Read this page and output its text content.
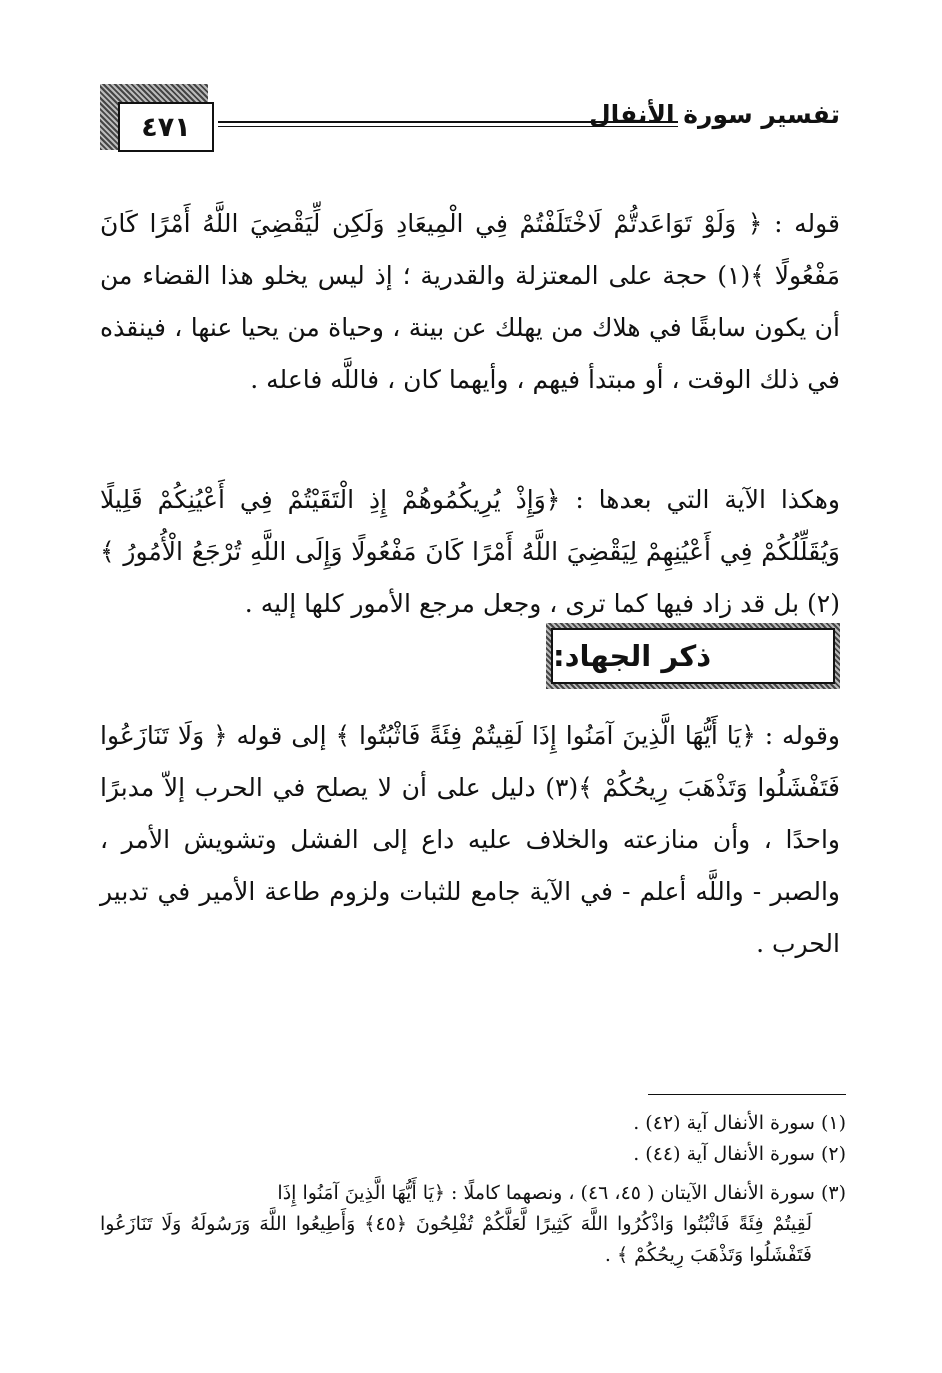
٤٧١	تفسير سورة الأنفال

قوله : ﴿ وَلَوْ تَوَاعَدتُّمْ لَاخْتَلَفْتُمْ فِي الْمِيعَادِ وَلَكِن لِّيَقْضِيَ اللَّهُ أَمْرًا كَانَ مَفْعُولًا ﴾(١) حجة على المعتزلة والقدرية ؛ إذ ليس يخلو هذا القضاء من أن يكون سابقًا في هلاك من يهلك عن بينة ، وحياة من يحيا عنها ، فينقذه في ذلك الوقت ، أو مبتدأ فيهم ، وأيهما كان ، فاللَّه فاعله .

وهكذا الآية التي بعدها : ﴿وَإِذْ يُرِيكُمُوهُمْ إِذِ الْتَقَيْتُمْ فِي أَعْيُنِكُمْ قَلِيلًا وَيُقَلِّلُكُمْ فِي أَعْيُنِهِمْ لِيَقْضِيَ اللَّهُ أَمْرًا كَانَ مَفْعُولًا وَإِلَى اللَّهِ تُرْجَعُ الْأُمُورُ ﴾(٢) بل قد زاد فيها كما ترى ، وجعل مرجع الأمور كلها إليه .

ذكر الجهاد:

وقوله : ﴿يَا أَيُّهَا الَّذِينَ آمَنُوا إِذَا لَقِيتُمْ فِئَةً فَاثْبُتُوا ﴾ إلى قوله ﴿ وَلَا تَنَازَعُوا فَتَفْشَلُوا وَتَذْهَبَ رِيحُكُمْ ﴾(٣) دليل على أن لا يصلح في الحرب إلاّ مدبرًا واحدًا ، وأن منازعته والخلاف عليه داع إلى الفشل وتشويش الأمر ، والصبر - واللَّه أعلم - في الآية جامع للثبات ولزوم طاعة الأمير في تدبير الحرب .

(١) سورة الأنفال آية (٤٢) .

(٢) سورة الأنفال آية (٤٤) .

(٣) سورة الأنفال الآيتان ( ٤٥، ٤٦) ، ونصهما كاملًا : ﴿يَا أَيُّهَا الَّذِينَ آمَنُوا إِذَا

لَقِيتُمْ فِئَةً فَاثْبُتُوا وَاذْكُرُوا اللَّهَ كَثِيرًا لَّعَلَّكُمْ تُفْلِحُونَ ﴿٤٥﴾ وَأَطِيعُوا اللَّهَ وَرَسُولَهُ وَلَا تَنَازَعُوا فَتَفْشَلُوا وَتَذْهَبَ رِيحُكُمْ ﴾ .
